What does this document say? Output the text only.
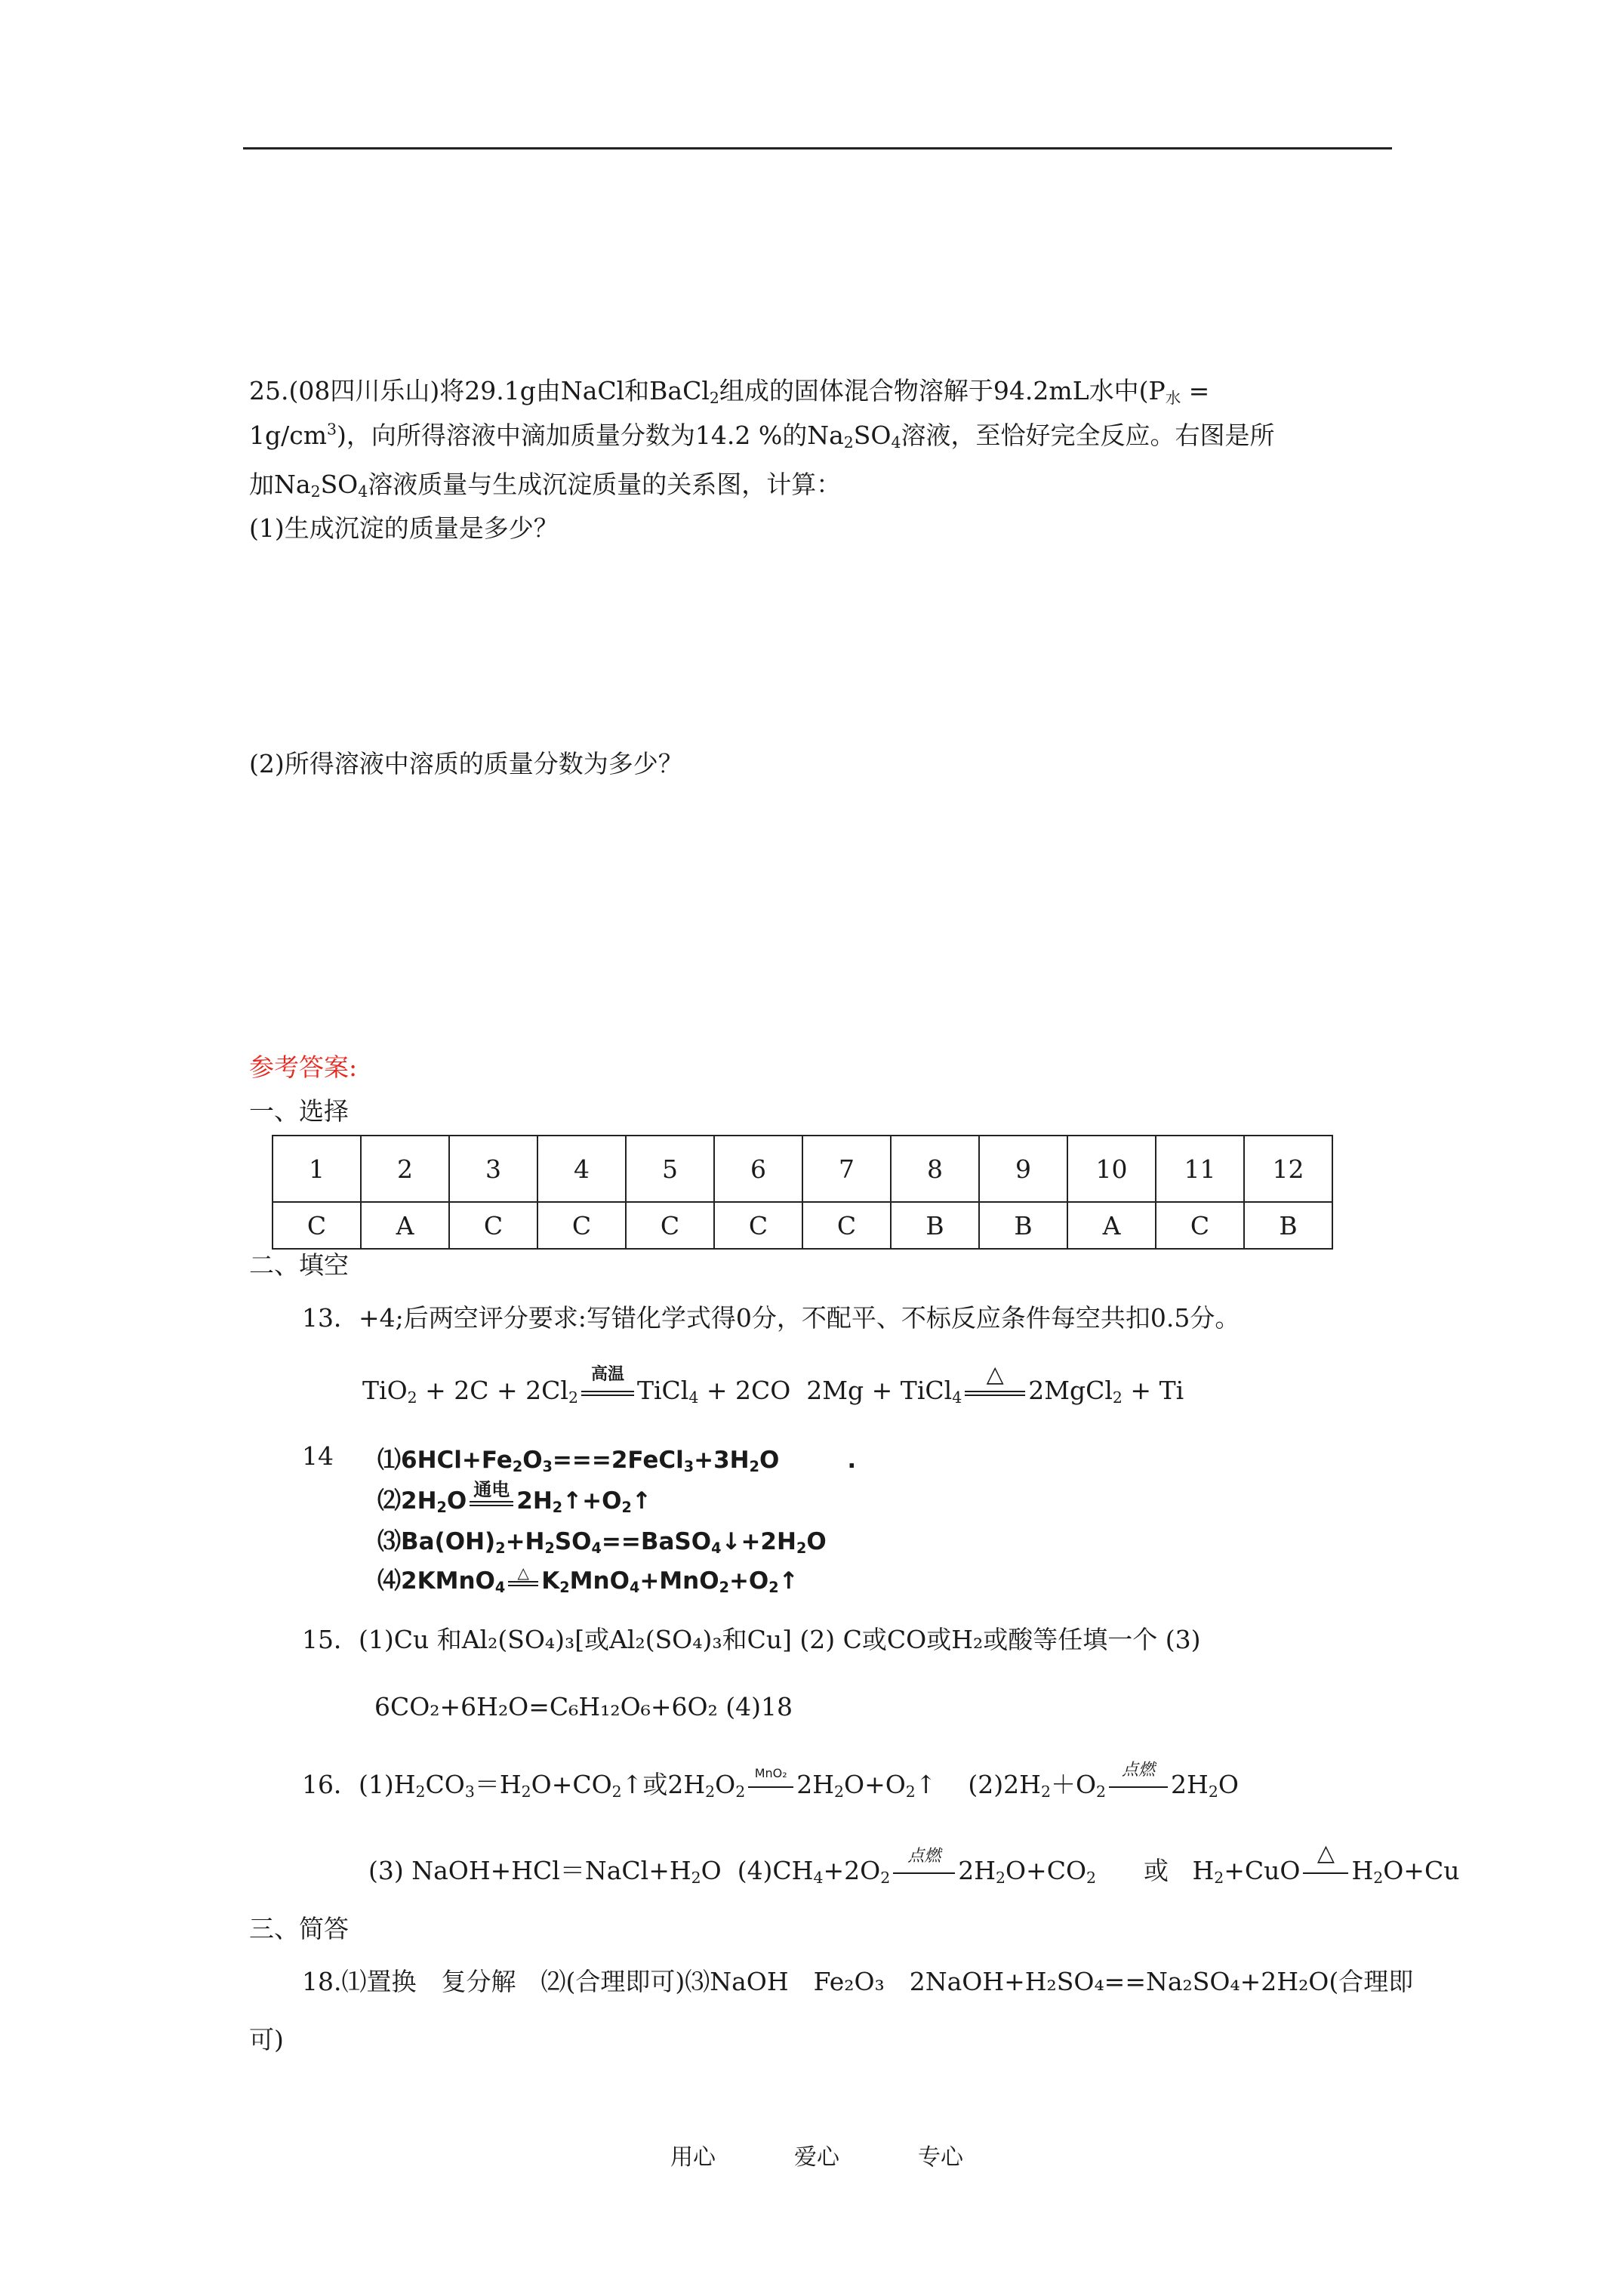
25.(08四川乐山)将29.1g由NaCl和BaCl$_2$组成的固体混合物溶解于94.2mL水中($P_水$ =
$1g/cm^3$)，向所得溶液中滴加质量分数为14.2 %的$Na_2SO_4$溶液，至恰好完全反应。右图是所
加$Na_2SO_4$溶液质量与生成沉淀质量的关系图，计算：
(1)生成沉淀的质量是多少？
(2)所得溶液中溶质的质量分数为多少？
参考答案:
一、选择
1	2	3	4	5	6	7	8	9	10	11	12
C	A	C	C	C	C	C	B	B	A	C	B
二、填空
13．+4;后两空评分要求:写错化学式得0分，不配平、不标反应条件每空共扣0.5分。
$TiO_2 + 2C + 2Cl_2$
高温
TiCl$_4$ + 2CO  2Mg + TiCl$_4$
△
2MgCl$_2$ + Ti
14 $⑴6HCl+Fe_2O_3===2FeCl_3+3H_2O$	.
$⑵2H_2O$ 通电 $2H_2↑+O_2↑$
$⑶Ba(OH)_2+H_2SO_4==BaSO_4↓+2H_2O$
⑷2KMnO$_4$
△ $K_2MnO_4+MnO_2+O_2↑$
15．(1)Cu 和Al₂(SO₄)₃[或Al₂(SO₄)₃和Cu] (2) C或CO或H₂或酸等任填一个 (3)
6CO₂+6H₂O=C₆H₁₂O₆+6O₂ (4)18
16．$(1)H_2CO_3=H_2O+CO_2↑$或$2H_2O_2$
MnO₂ $2H_2O+O_2↑$    $(2)2H_2+O_2$
点燃 $2H_2O$
(3) $NaOH+HCl=NaCl+H_2O$  $(4)CH_4+2O_2$
点燃 $2H_2O+CO_2$      或   $H_2+CuO$
△
$H_2O+Cu$
三、简答
18.⑴置换　复分解　⑵(合理即可)⑶NaOH　Fe₂O₃　2NaOH+H₂SO₄==Na₂SO₄+2H₂O(合理即
可)
用心	爱心	专心
